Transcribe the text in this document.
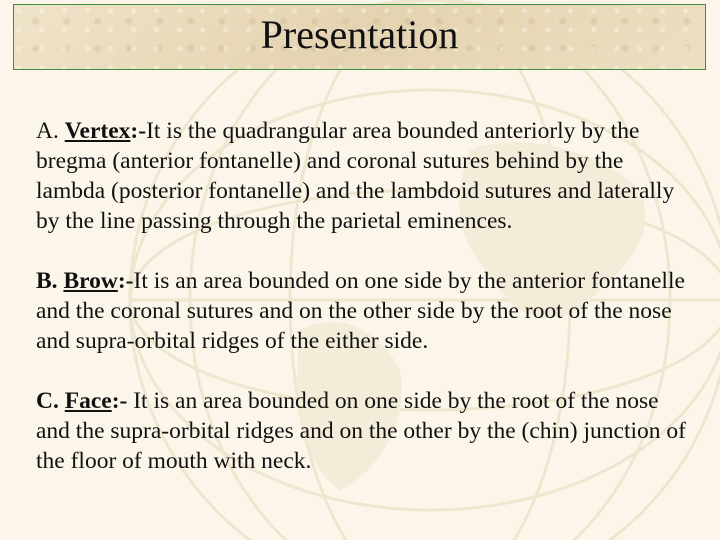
Presentation

A. Vertex:-It is the quadrangular area bounded anteriorly by the bregma (anterior fontanelle) and coronal sutures behind by the lambda (posterior fontanelle) and the lambdoid sutures and laterally by the line passing through the parietal eminences.

B. Brow:-It is an area bounded on one side by the anterior fontanelle and the coronal sutures and on the other side by the root of the nose and supra-orbital ridges of the either side.

C. Face:- It is an area bounded on one side by the root of the nose and the supra-orbital ridges and on the other by the (chin) junction of the floor of mouth with neck.
